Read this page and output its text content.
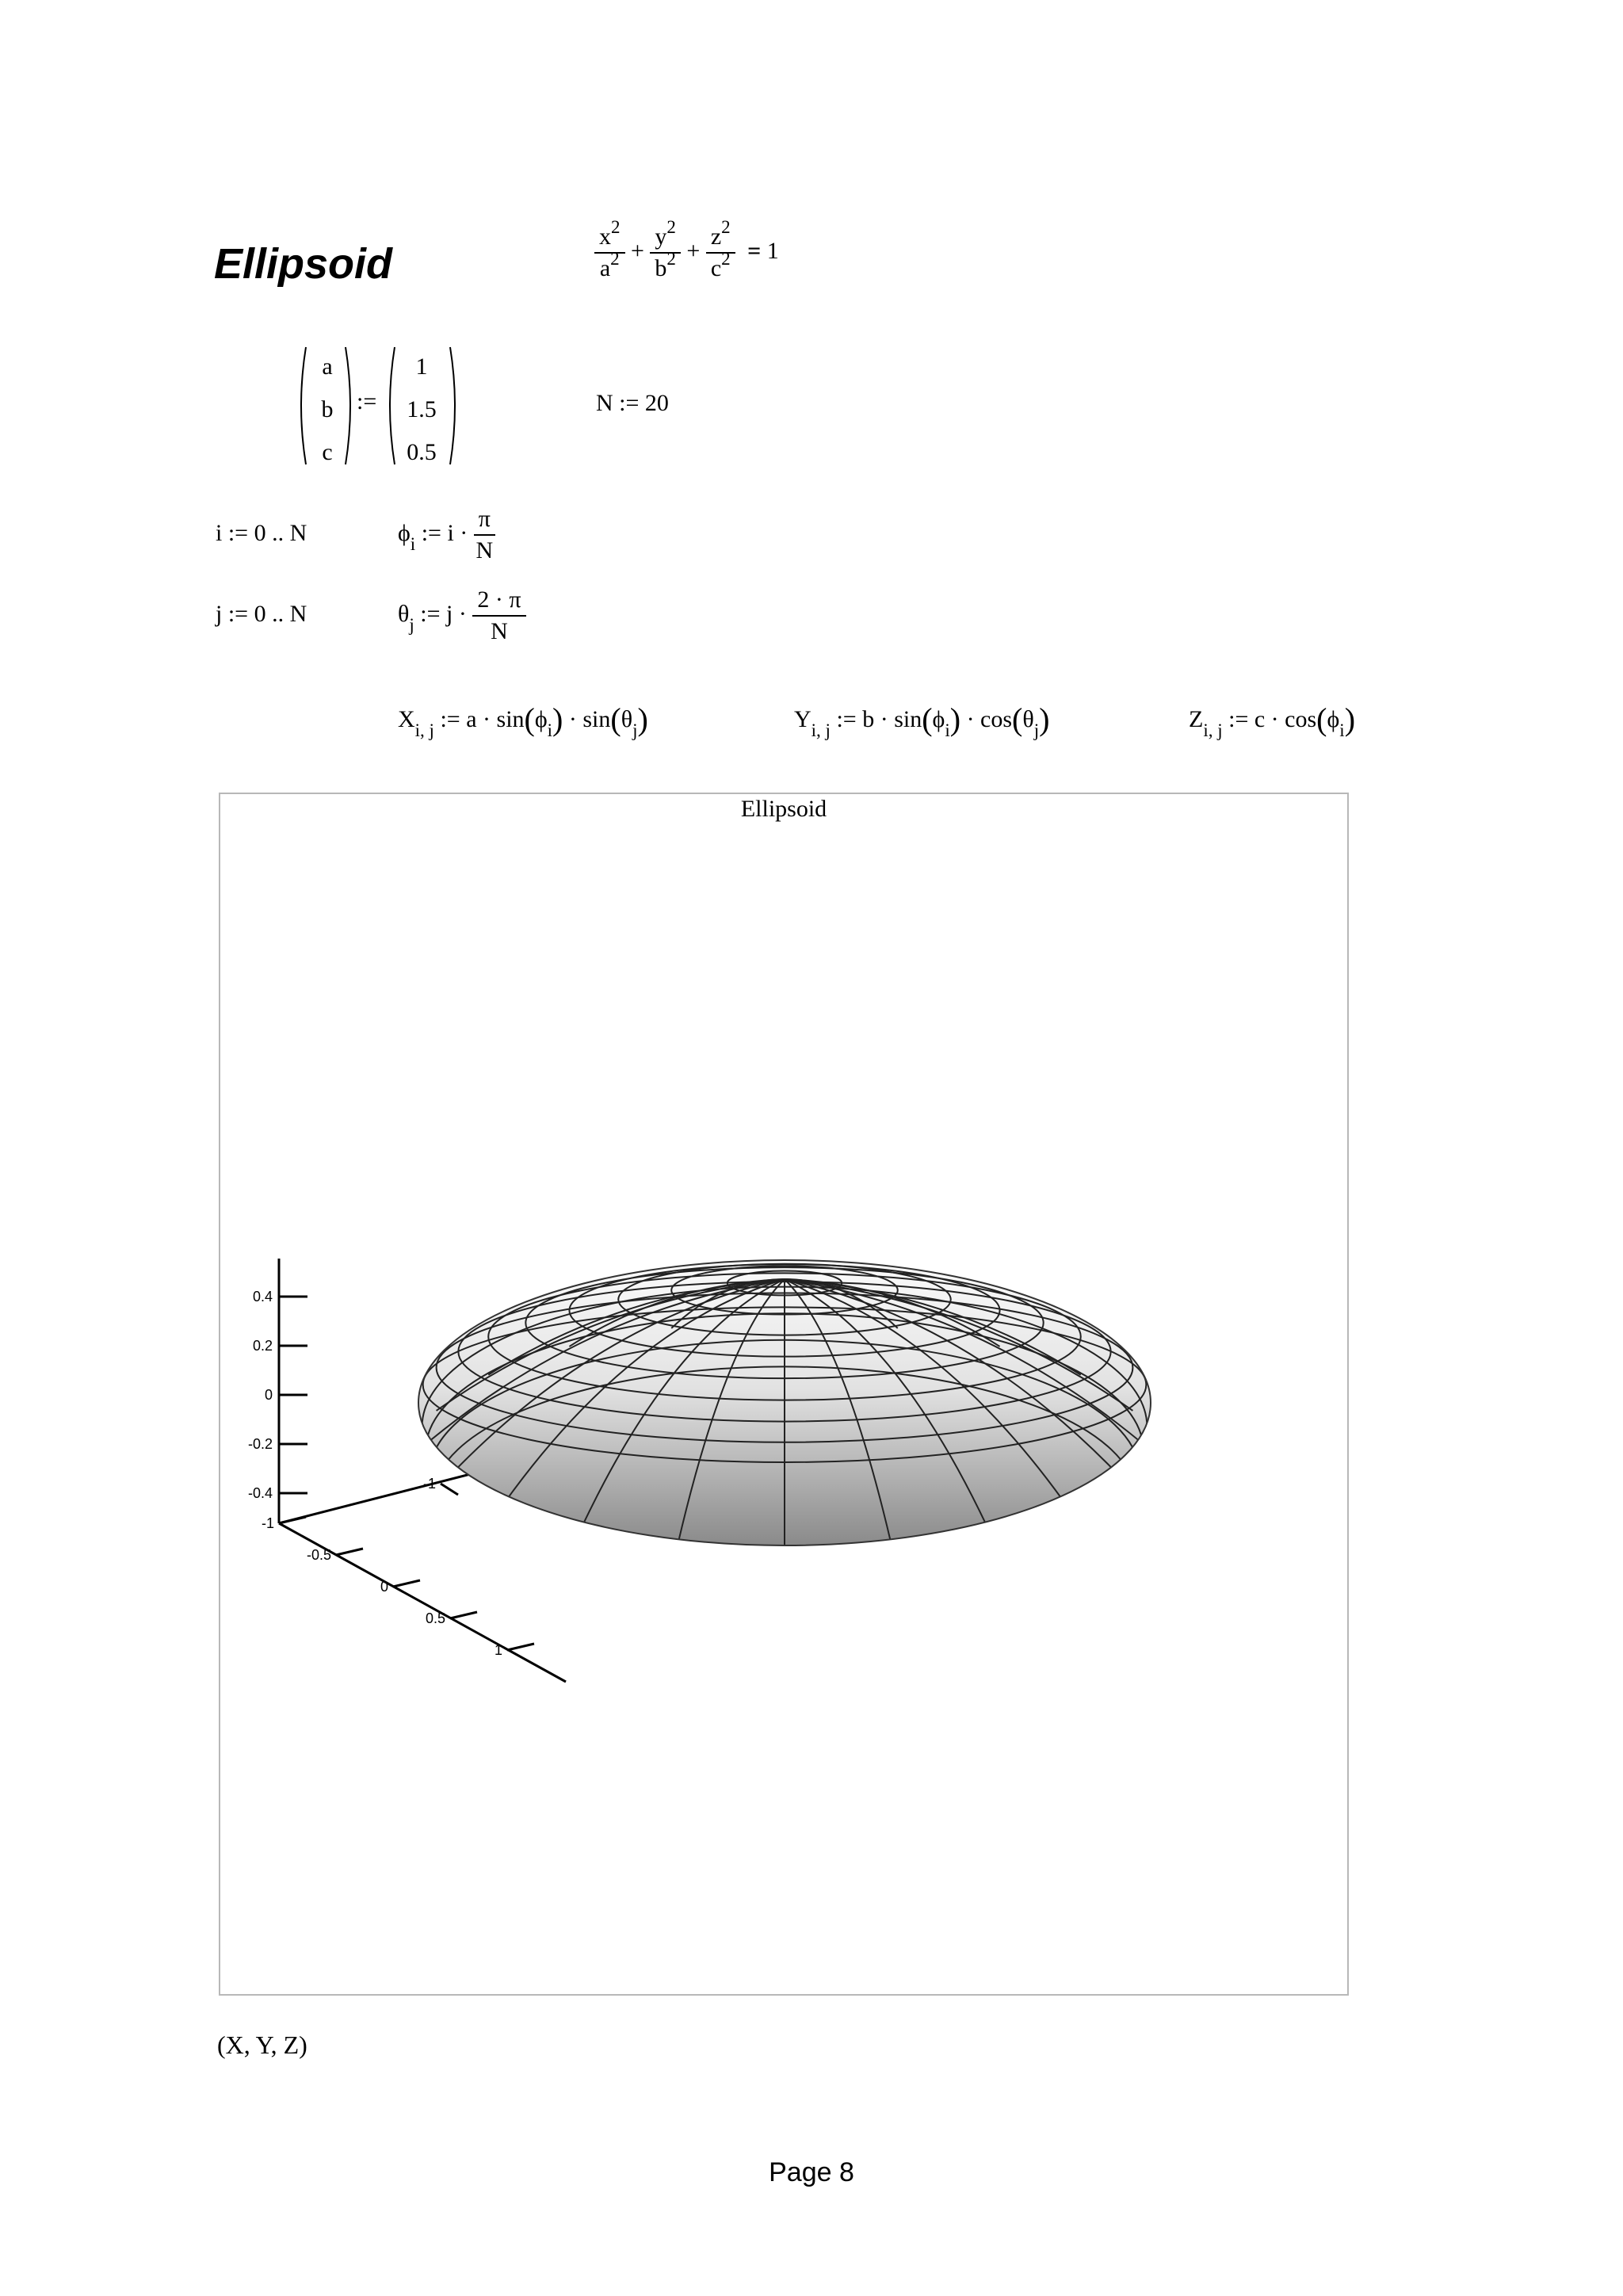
Ellipsoid	$\frac{x^2}{a^2} + \frac{y^2}{b^2} + \frac{z^2}{c^2} = 1$
a
b
c
:=
1
1.5
0.5
N := 20
i := 0 .. N
j := 0 .. N
$\phi_i$ := $i \cdot \frac{\pi}{N}$
$\theta_j$ := $j \cdot \frac{2 \cdot \pi}{N}$
$X_{i, j}$ := $a \cdot \sin(\phi_i) \cdot \sin(\theta_j)$	$Y_{i, j}$ := $b \cdot \sin(\phi_i) \cdot \cos(\theta_j)$	$Z_{i, j}$ := $c \cdot \cos(\phi_i)$
Ellipsoid
0.4
0.2
0
-0.2
-0.4
-1
-0.5
0
0.5
1
-1
(X, Y, Z)
Page 8
